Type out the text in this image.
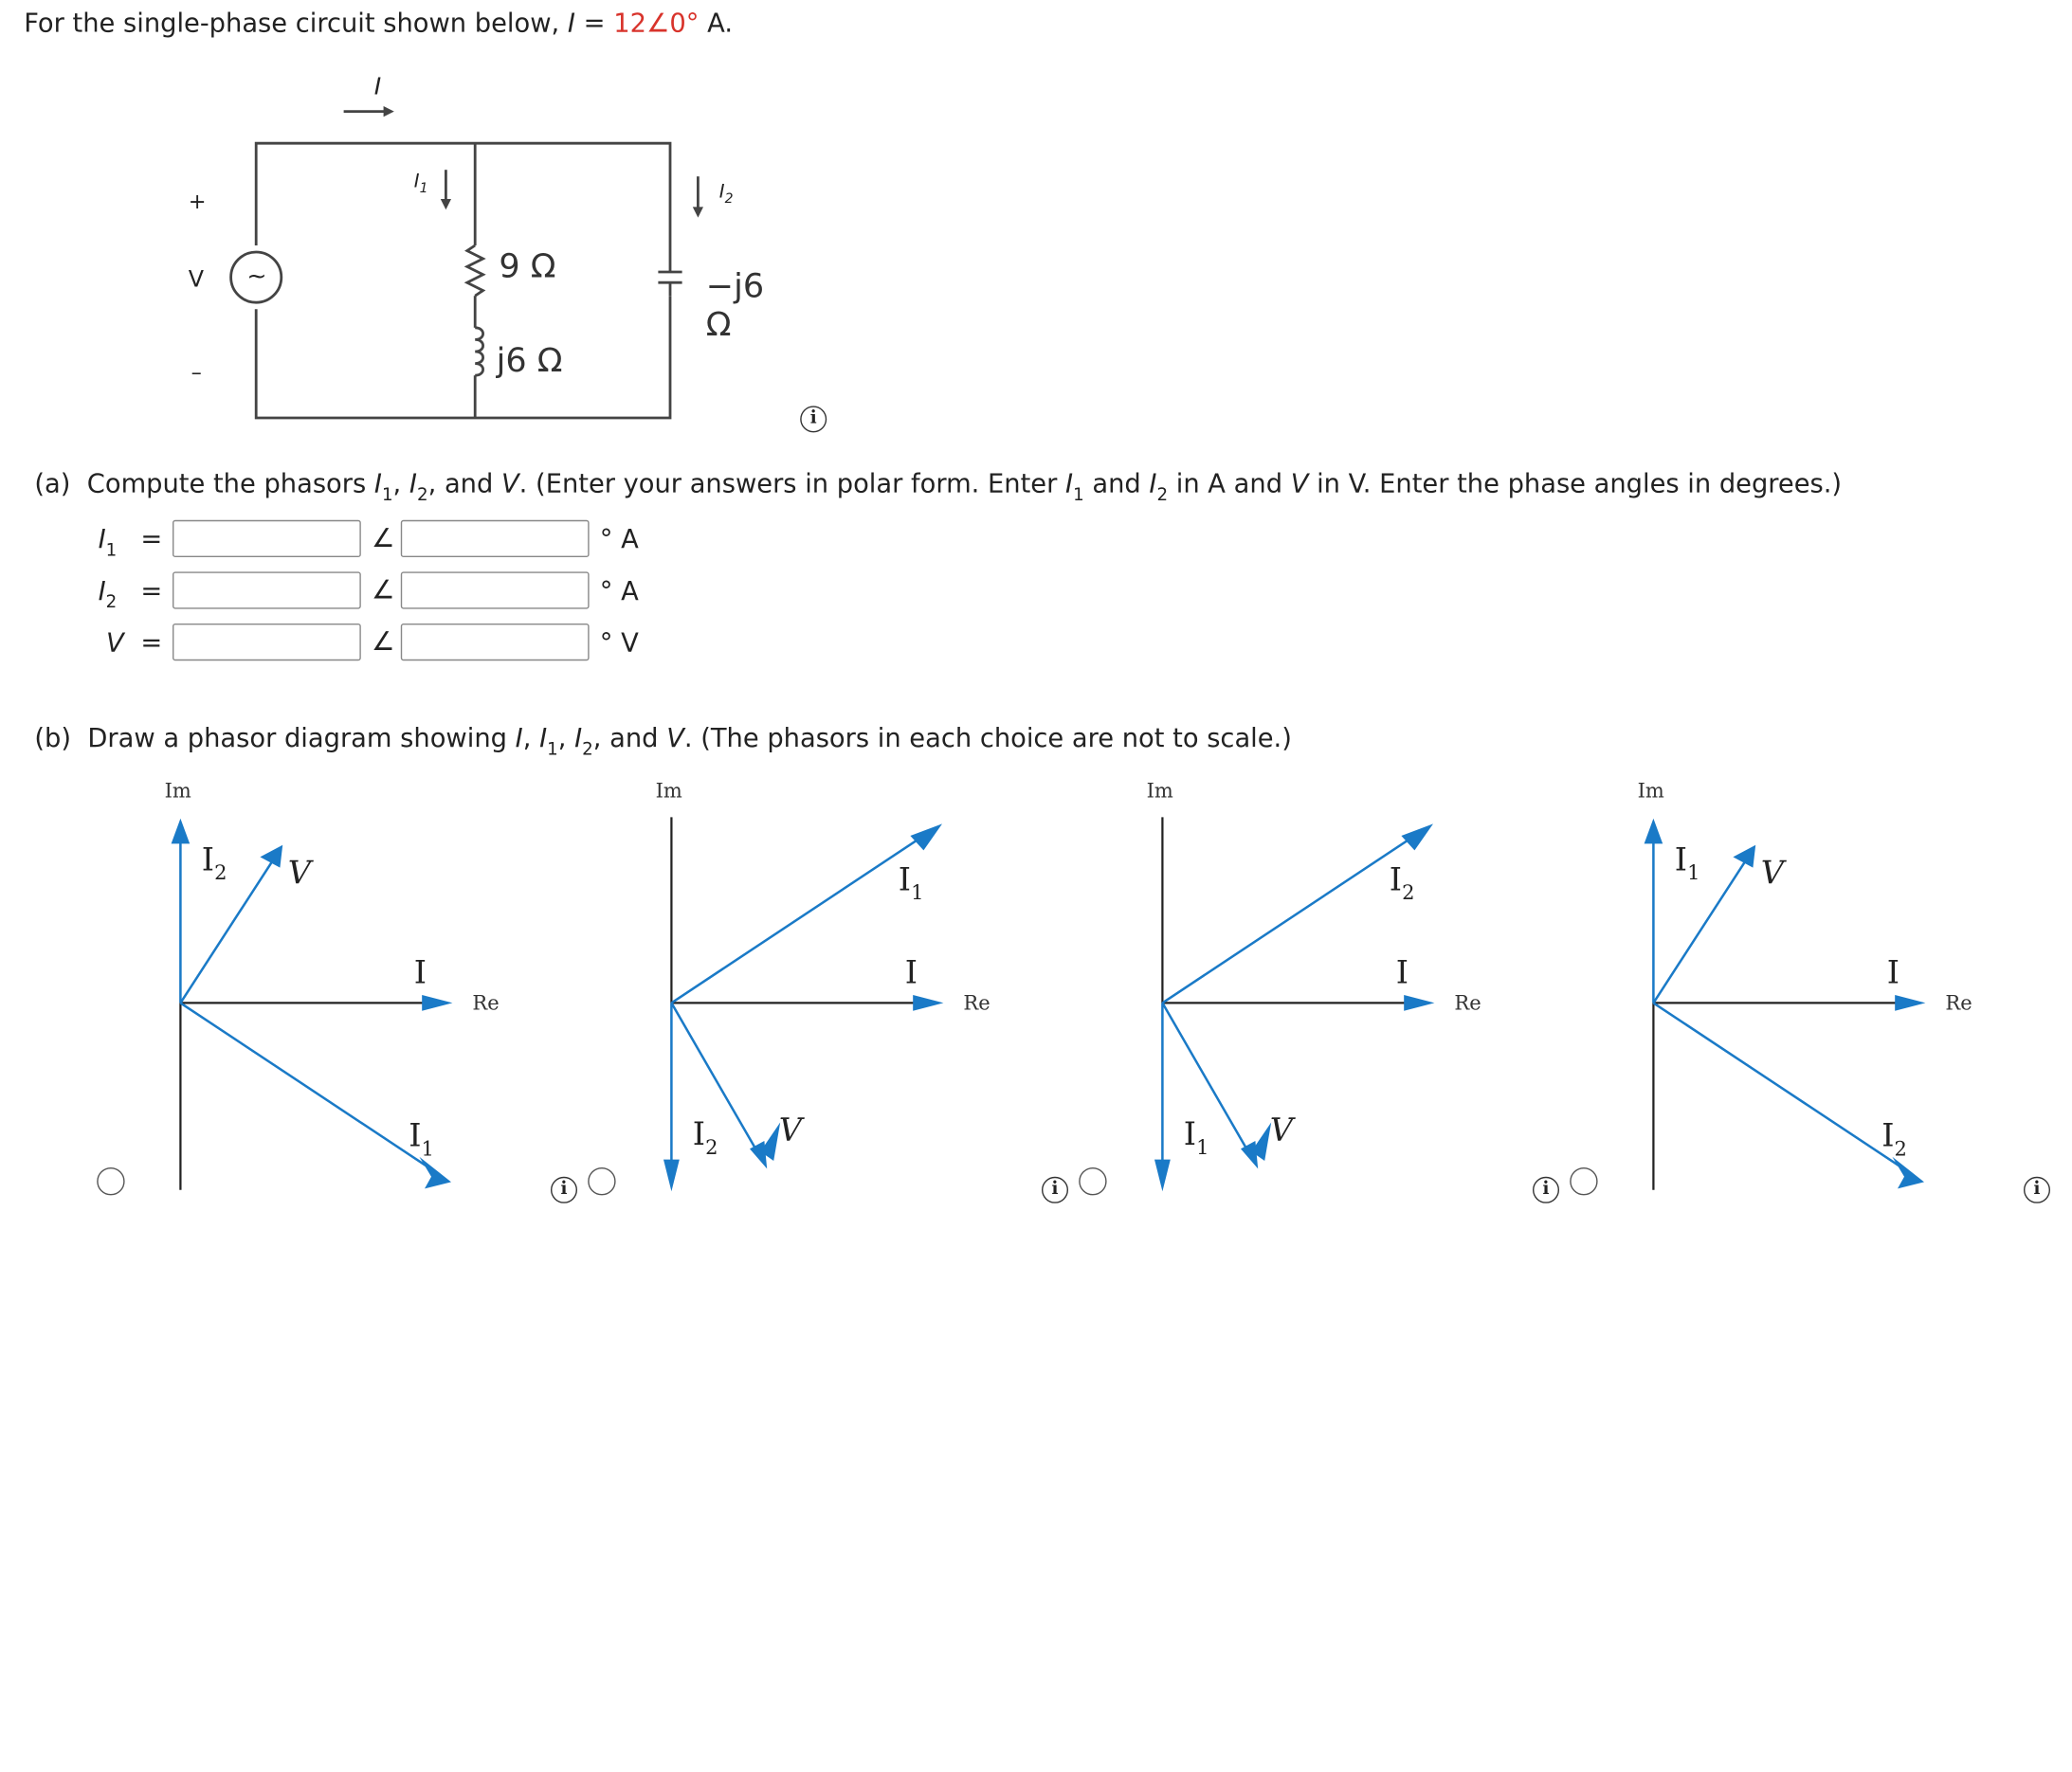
For the single-phase circuit shown below, I = 12∠0° A.
I
$I_1$	$I_2$
+
–
V	~	9 Ω
j6 Ω
−j6 Ω
i
(a) Compute the phasors $I_1$, $I_2$, and V. (Enter your answers in polar form. Enter $I_1$ and $I_2$ in A and V in V. Enter the phase angles in degrees.)
$I_1$ =	∠	° A
$I_2$ =	∠	° A
V =	∠	° V
(b) Draw a phasor diagram showing I, $I_1$, $I_2$, and V. (The phasors in each choice are not to scale.)
Im
Re
$I_2$	V
I
$I_1$
i
Im
Re
$I_1$
I
$I_2$	V
i
Im
Re
$I_2$
I
$I_1$	V
i
Im
Re
$I_1$	V
I
$I_2$
i
